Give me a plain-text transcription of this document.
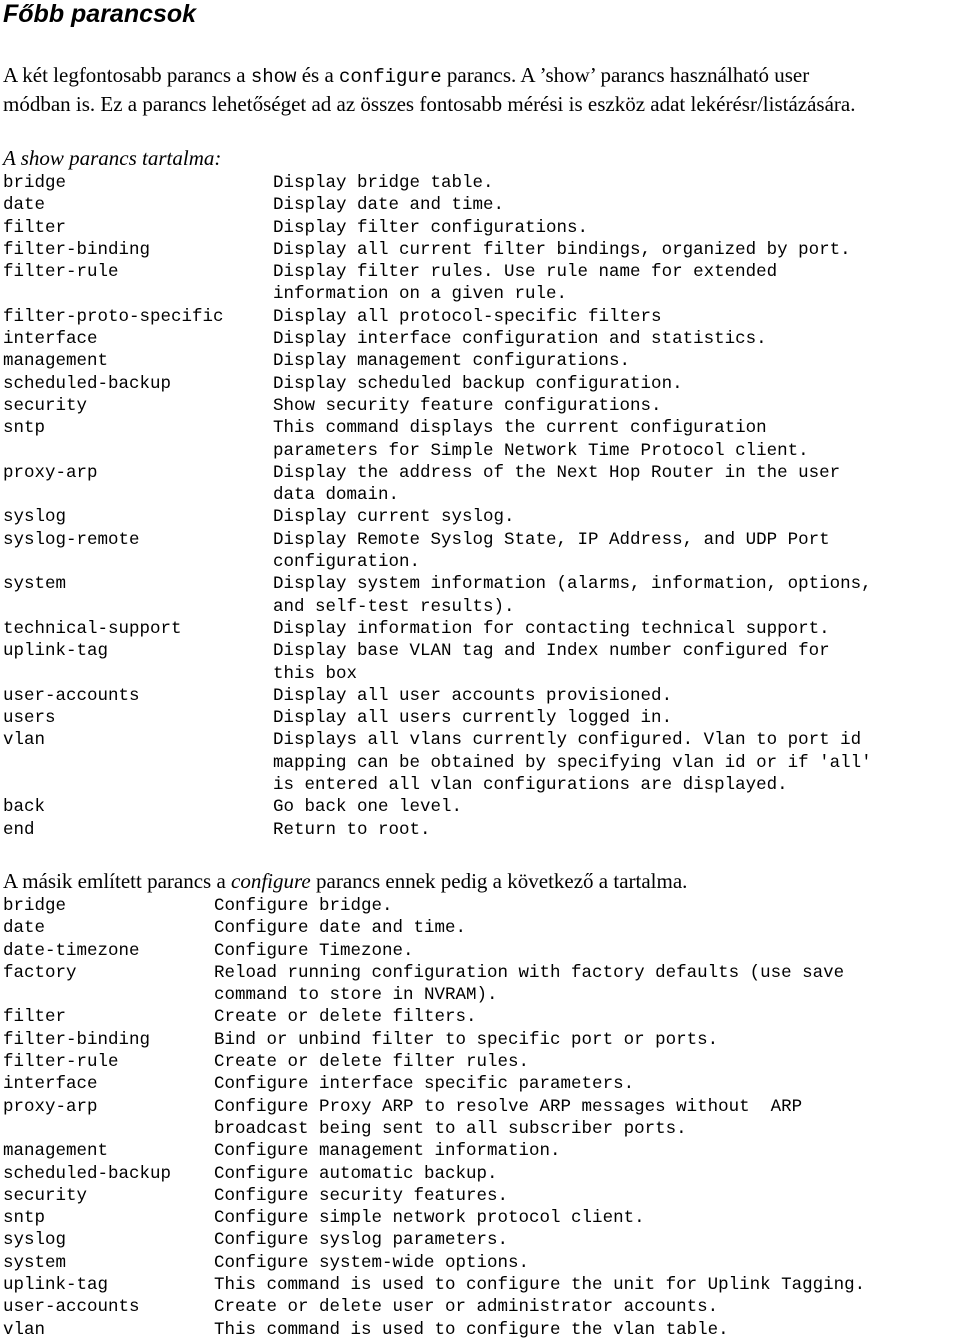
Főbb parancsok
A két legfontosabb parancs a show és a configure parancs. A ’show’ parancs használható user
módban is. Ez a parancs lehetőséget ad az összes fontosabb mérési is eszköz adat lekérésr/listázására.
A show parancs tartalma:
bridge	Display bridge table.
date	Display date and time.
filter	Display filter configurations.
filter-binding	Display all current filter bindings, organized by port.
filter-rule	Display filter rules. Use rule name for extended
information on a given rule.
filter-proto-specific	Display all protocol-specific filters
interface	Display interface configuration and statistics.
management	Display management configurations.
scheduled-backup	Display scheduled backup configuration.
security	Show security feature configurations.
sntp	This command displays the current configuration
parameters for Simple Network Time Protocol client.
proxy-arp	Display the address of the Next Hop Router in the user
data domain.
syslog	Display current syslog.
syslog-remote	Display Remote Syslog State, IP Address, and UDP Port
configuration.
system	Display system information (alarms, information, options,
and self-test results).
technical-support	Display information for contacting technical support.
uplink-tag	Display base VLAN tag and Index number configured for
this box
user-accounts	Display all user accounts provisioned.
users	Display all users currently logged in.
vlan	Displays all vlans currently configured. Vlan to port id
mapping can be obtained by specifying vlan id or if 'all'
is entered all vlan configurations are displayed.
back	Go back one level.
end	Return to root.
A másik említett parancs a configure parancs ennek pedig a következő a tartalma.
bridge	Configure bridge.
date	Configure date and time.
date-timezone	Configure Timezone.
factory	Reload running configuration with factory defaults (use save
command to store in NVRAM).
filter	Create or delete filters.
filter-binding	Bind or unbind filter to specific port or ports.
filter-rule	Create or delete filter rules.
interface	Configure interface specific parameters.
proxy-arp	Configure Proxy ARP to resolve ARP messages without  ARP
broadcast being sent to all subscriber ports.
management	Configure management information.
scheduled-backup	Configure automatic backup.
security	Configure security features.
sntp	Configure simple network protocol client.
syslog	Configure syslog parameters.
system	Configure system-wide options.
uplink-tag	This command is used to configure the unit for Uplink Tagging.
user-accounts	Create or delete user or administrator accounts.
vlan	This command is used to configure the vlan table.
